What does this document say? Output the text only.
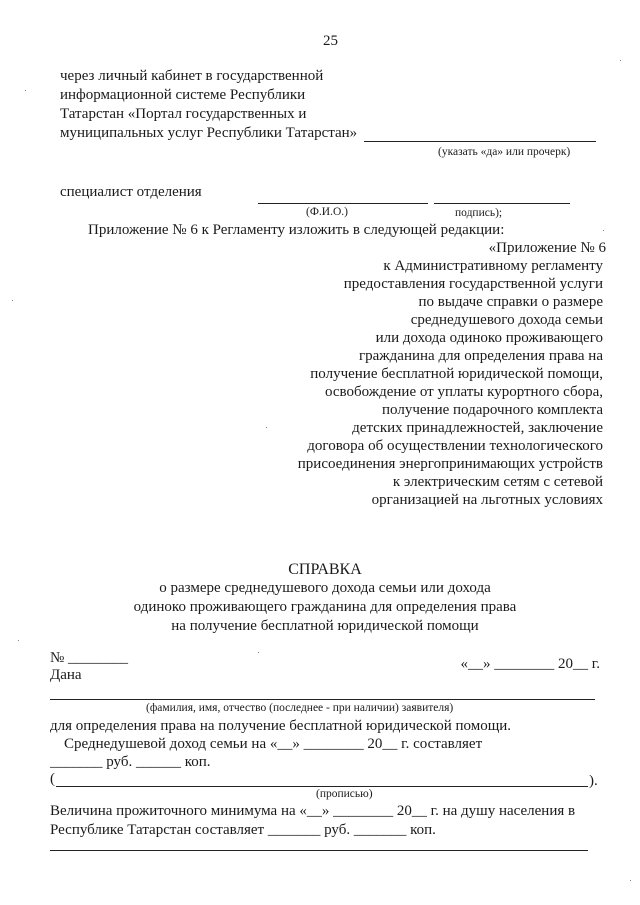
25
через личный кабинет в государственной
информационной системе Республики
Татарстан «Портал государственных и
муниципальных услуг Республики Татарстан»
(указать «да» или прочерк)
специалист отделения
(Ф.И.О.)	подпись);
Приложение № 6 к Регламенту изложить в следующей редакции:
«Приложение № 6
к Административному регламенту
предоставления государственной услуги
по выдаче справки о размере
среднедушевого дохода семьи
или дохода одиноко проживающего
гражданина для определения права на
получение бесплатной юридической помощи,
освобождение от уплаты курортного сбора,
получение подарочного комплекта
детских принадлежностей, заключение
договора об осуществлении технологического
присоединения энергопринимающих устройств
к электрическим сетям с сетевой
организацией на льготных условиях
СПРАВКА
о размере среднедушевого дохода семьи или дохода
одиноко проживающего гражданина для определения права
на получение бесплатной юридической помощи
№ ________
Дана
«__» ________ 20__ г.
(фамилия, имя, отчество (последнее - при наличии) заявителя)
для определения права на получение бесплатной юридической помощи.
Среднедушевой доход семьи на «__» ________ 20__ г. составляет
_______ руб. ______ коп.
(	).
(прописью)
Величина прожиточного минимума на «__» ________ 20__ г. на душу населения в
Республике Татарстан составляет _______ руб. _______ коп.
